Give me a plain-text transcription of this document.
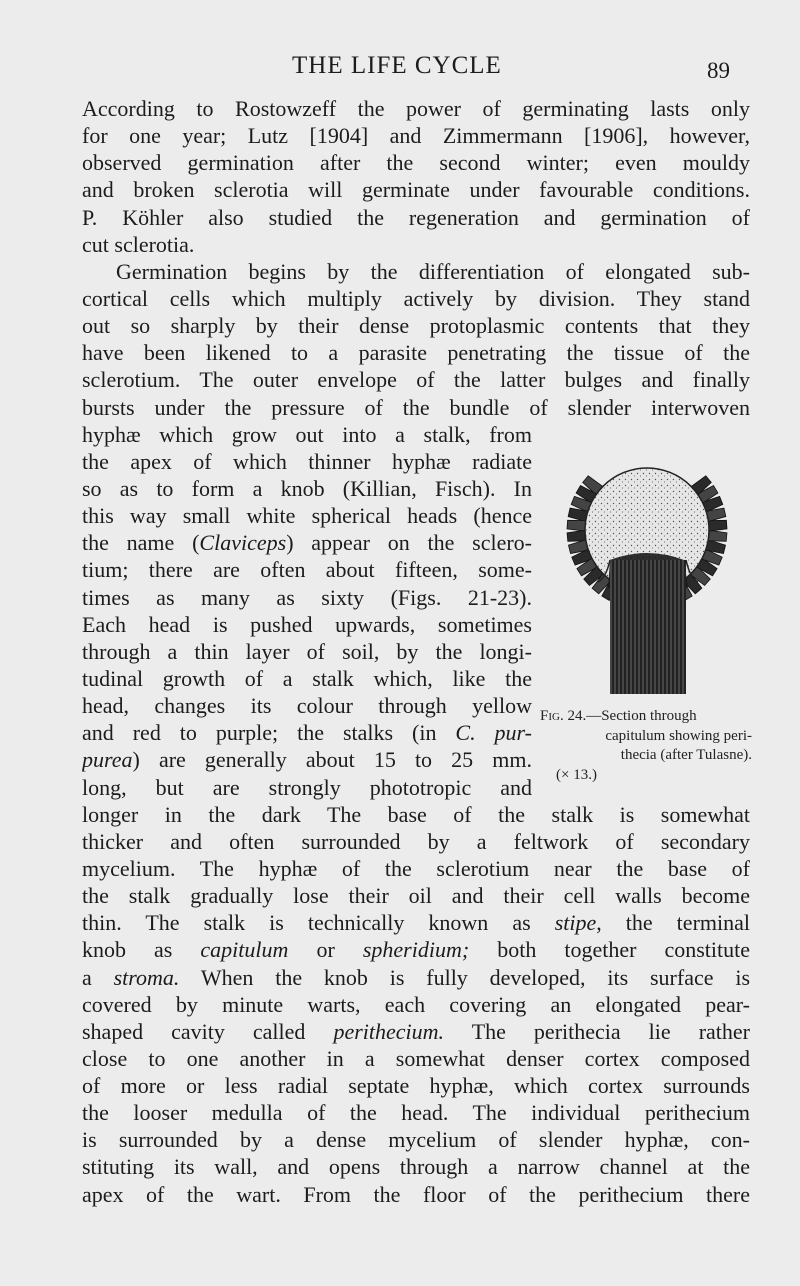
THE LIFE CYCLE	89
According to Rostowzeff the power of germinating lasts only
for one year; Lutz [1904] and Zimmermann [1906], however,
observed germination after the second winter; even mouldy
and broken sclerotia will germinate under favourable conditions.
P. Köhler also studied the regeneration and germination of
cut sclerotia.
Germination begins by the differentiation of elongated sub-
cortical cells which multiply actively by division. They stand
out so sharply by their dense protoplasmic contents that they
have been likened to a parasite penetrating the tissue of the
sclerotium. The outer envelope of the latter bulges and finally
bursts under the pressure of the bundle of slender interwoven
hyphæ which grow out into a stalk, from
the apex of which thinner hyphæ radiate
so as to form a knob (Killian, Fisch). In
this way small white spherical heads (hence
the name (Claviceps) appear on the sclero-
tium; there are often about fifteen, some-
times as many as sixty (Figs. 21-23).
Each head is pushed upwards, sometimes
through a thin layer of soil, by the longi-
tudinal growth of a stalk which, like the
head, changes its colour through yellow
and red to purple; the stalks (in C. pur-
purea) are generally about 15 to 25 mm.
long, but are strongly phototropic and
longer in the dark The base of the stalk is somewhat
thicker and often surrounded by a feltwork of secondary
mycelium. The hyphæ of the sclerotium near the base of
the stalk gradually lose their oil and their cell walls become
thin. The stalk is technically known as stipe, the terminal
knob as capitulum or spheridium; both together constitute
a stroma. When the knob is fully developed, its surface is
covered by minute warts, each covering an elongated pear-
shaped cavity called perithecium. The perithecia lie rather
close to one another in a somewhat denser cortex composed
of more or less radial septate hyphæ, which cortex surrounds
the looser medulla of the head. The individual perithecium
is surrounded by a dense mycelium of slender hyphæ, con-
stituting its wall, and opens through a narrow channel at the
apex of the wart. From the floor of the perithecium there
Fig. 24.—Section through
capitulum showing peri-
thecia (after Tulasne).
(× 13.)
